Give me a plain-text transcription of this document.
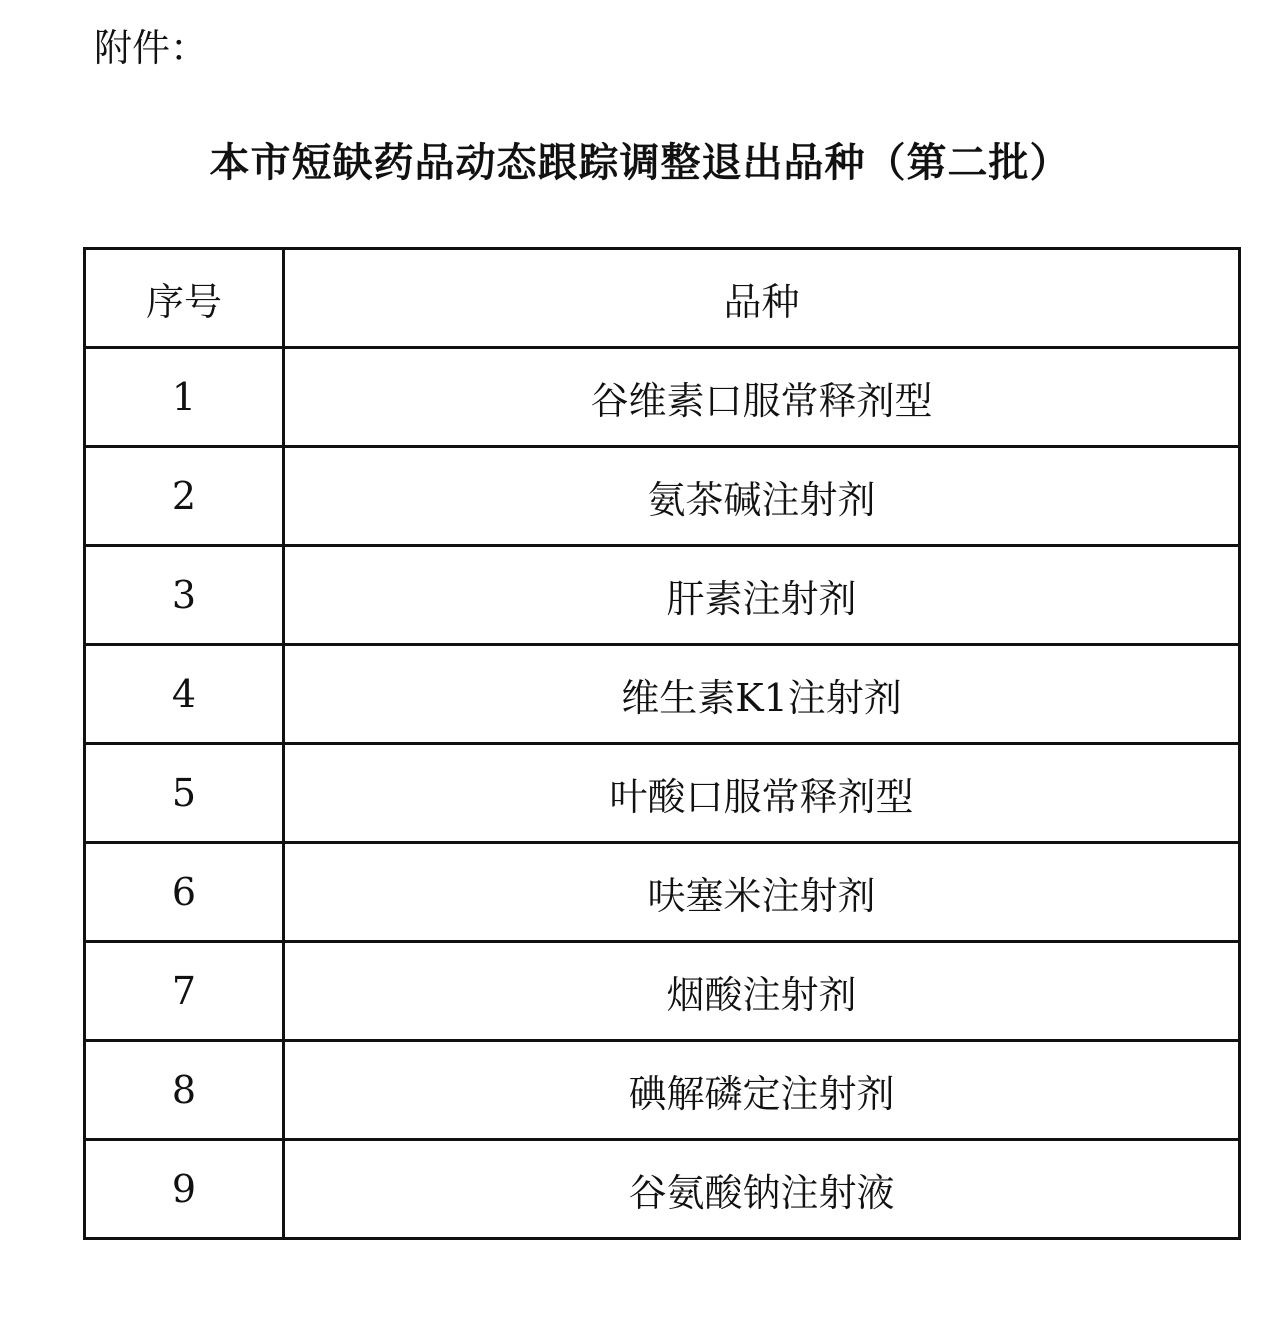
附件：
本市短缺药品动态跟踪调整退出品种（第二批）
序号	品种
1	谷维素口服常释剂型
2	氨茶碱注射剂
3	肝素注射剂
4	维生素K1注射剂
5	叶酸口服常释剂型
6	呋塞米注射剂
7	烟酸注射剂
8	碘解磷定注射剂
9	谷氨酸钠注射液
